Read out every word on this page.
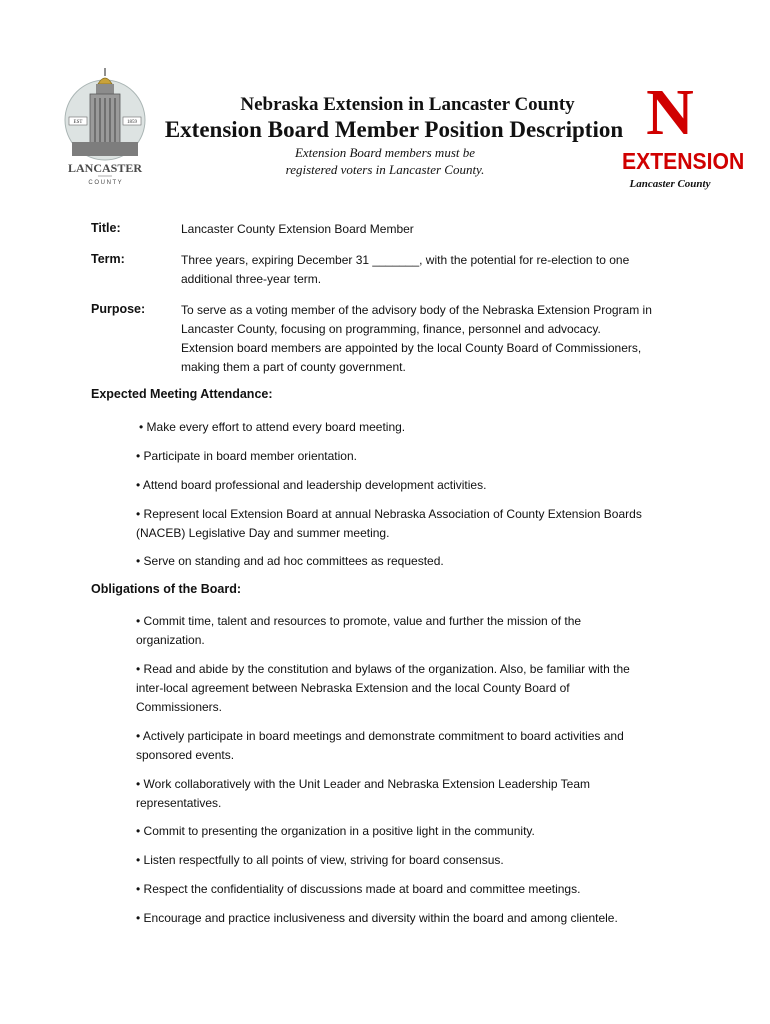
EST	1859
LANCASTER
C O U N T Y
Nebraska Extension in Lancaster County
Extension Board Member Position Description
Extension Board members must be
registered voters in Lancaster County.
N
EXTENSION
Lancaster County
Title:	Lancaster County Extension Board Member
Term:	Three years, expiring December 31 _______, with the potential for re-election to one
additional three-year term.
Purpose:	To serve as a voting member of the advisory body of the Nebraska Extension Program in
Lancaster County, focusing on programming, finance, personnel and advocacy.
Extension board members are appointed by the local County Board of Commissioners,
making them a part of county government.
Expected Meeting Attendance:
• Make every effort to attend every board meeting.
• Participate in board member orientation.
• Attend board professional and leadership development activities.
• Represent local Extension Board at annual Nebraska Association of County Extension Boards
(NACEB) Legislative Day and summer meeting.
• Serve on standing and ad hoc committees as requested.
Obligations of the Board:
• Commit time, talent and resources to promote, value and further the mission of the
organization.
• Read and abide by the constitution and bylaws of the organization. Also, be familiar with the
inter-local agreement between Nebraska Extension and the local County Board of
Commissioners.
• Actively participate in board meetings and demonstrate commitment to board activities and
sponsored events.
• Work collaboratively with the Unit Leader and Nebraska Extension Leadership Team
representatives.
• Commit to presenting the organization in a positive light in the community.
• Listen respectfully to all points of view, striving for board consensus.
• Respect the confidentiality of discussions made at board and committee meetings.
• Encourage and practice inclusiveness and diversity within the board and among clientele.
